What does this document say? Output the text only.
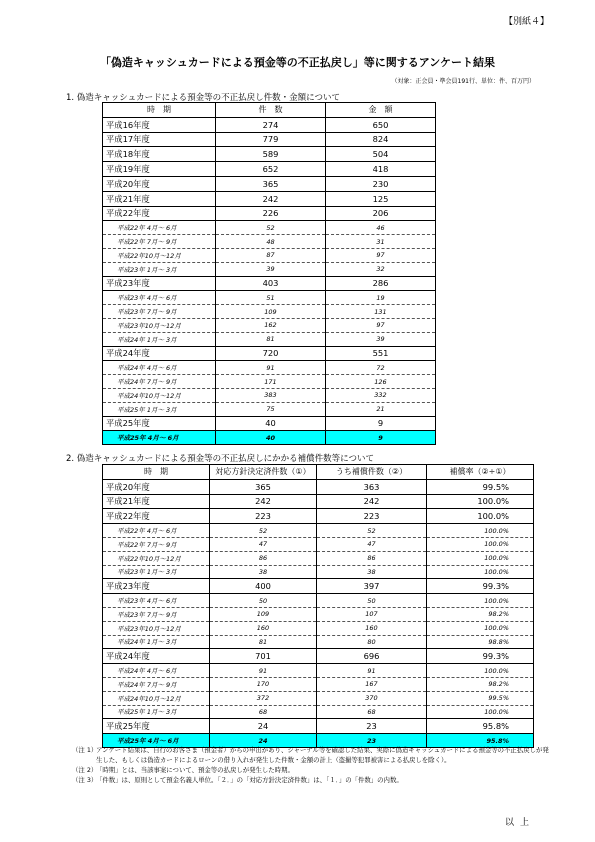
【別紙４】
「偽造キャッシュカードによる預金等の不正払戻し」等に関するアンケート結果
（対象：正会員・準会員191行、単位：件、百万円）
1. 偽造キャッシュカードによる預金等の不正払戻し件数・金額について
時　期	件　数	金　額
平成16年度	274	650
平成17年度	779	824
平成18年度	589	504
平成19年度	652	418
平成20年度	365	230
平成21年度	242	125
平成22年度	226	206
平成22年 4月～ 6月	52	46
平成22年 7月～ 9月	48	31
平成22年10月～12月	87	97
平成23年 1月～ 3月	39	32
平成23年度	403	286
平成23年 4月～ 6月	51	19
平成23年 7月～ 9月	109	131
平成23年10月～12月	162	97
平成24年 1月～ 3月	81	39
平成24年度	720	551
平成24年 4月～ 6月	91	72
平成24年 7月～ 9月	171	126
平成24年10月～12月	383	332
平成25年 1月～ 3月	75	21
平成25年度	40	9
平成25年 4月～ 6月	40	9
2. 偽造キャッシュカードによる預金等の不正払戻しにかかる補償件数等について
時　期	対応方針決定済件数（①）	うち補償件数（②）	補償率（②÷①）
平成20年度	365	363	99.5%
平成21年度	242	242	100.0%
平成22年度	223	223	100.0%
平成22年 4月～ 6月	52	52	100.0%
平成22年 7月～ 9月	47	47	100.0%
平成22年10月～12月	86	86	100.0%
平成23年 1月～ 3月	38	38	100.0%
平成23年度	400	397	99.3%
平成23年 4月～ 6月	50	50	100.0%
平成23年 7月～ 9月	109	107	98.2%
平成23年10月～12月	160	160	100.0%
平成24年 1月～ 3月	81	80	98.8%
平成24年度	701	696	99.3%
平成24年 4月～ 6月	91	91	100.0%
平成24年 7月～ 9月	170	167	98.2%
平成24年10月～12月	372	370	99.5%
平成25年 1月～ 3月	68	68	100.0%
平成25年度	24	23	95.8%
平成25年 4月～ 6月	24	23	95.8%
（注 1）
アンケート結果は、自行のお客さま（預金者）からの申出があり、ジャーナル等を確認した結果、実際に偽造キャッシュカードによる預金等の不正払戻しが発生した、もしくは偽造カードによるローンの借り入れが発生した件数・金額の計上（盗撮等犯罪被害による払戻しを除く）。
（注 2）
「時期」とは、当該事案について、預金等の払戻しが発生した時期。
（注 3）
「件数」は、原則として預金名義人単位。「２．」の「対応方針決定済件数」は、「１．」の「件数」の内数。
以上
